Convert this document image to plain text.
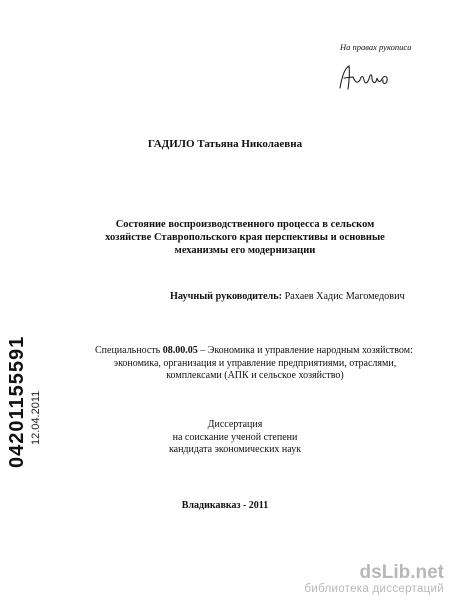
На правах рукописи
ГАДИЛО Татьяна Николаевна
Состояние воспроизводственного процесса в сельском
хозяйстве Ставропольского края перспективы и основные
механизмы его модернизации
Научный руководитель: Рахаев Хадис Магомедович
Специальность 08.00.05 – Экономика и управление народным хозяйством:
экономика, организация и управление предприятиями, отраслями,
комплексами (АПК и сельское хозяйство)
Диссертация
на соискание ученой степени
кандидата экономических наук
Владикавказ - 2011
04201155591 12.04.2011
dsLib.net
библиотека диссертаций
